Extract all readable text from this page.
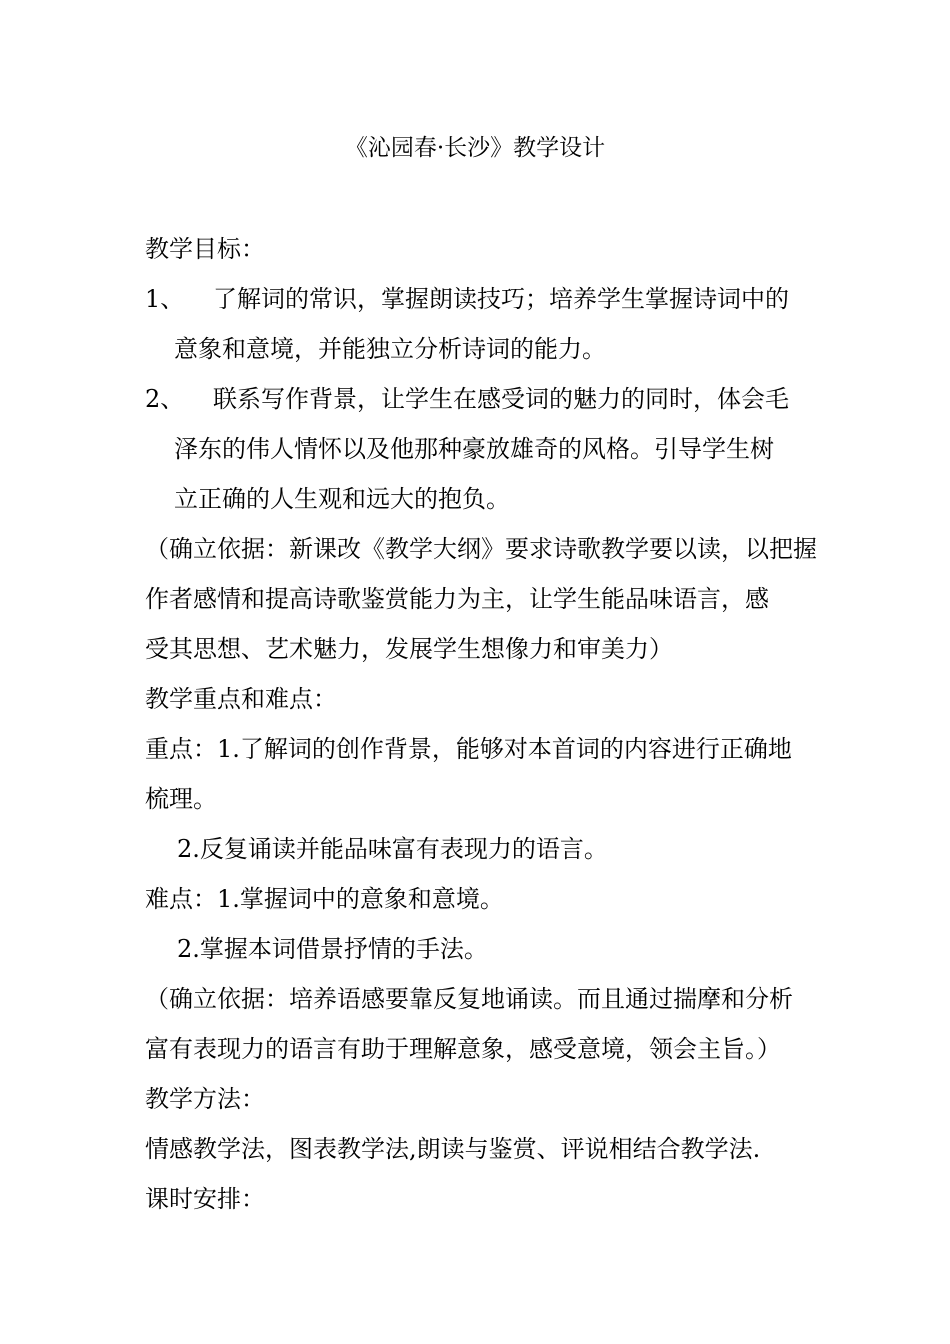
《沁园春·长沙》教学设计
教学目标：
1、 了解词的常识，掌握朗读技巧；培养学生掌握诗词中的
意象和意境，并能独立分析诗词的能力。
2、 联系写作背景，让学生在感受词的魅力的同时，体会毛
泽东的伟人情怀以及他那种豪放雄奇的风格。引导学生树
立正确的人生观和远大的抱负。
（确立依据：新课改《教学大纲》要求诗歌教学要以读，以把握
作者感情和提高诗歌鉴赏能力为主，让学生能品味语言，感
受其思想、艺术魅力，发展学生想像力和审美力）
教学重点和难点：
重点：1.了解词的创作背景，能够对本首词的内容进行正确地
梳理。
2.反复诵读并能品味富有表现力的语言。
难点：1.掌握词中的意象和意境。
2.掌握本词借景抒情的手法。
（确立依据：培养语感要靠反复地诵读。而且通过揣摩和分析
富有表现力的语言有助于理解意象，感受意境，领会主旨。）
教学方法：
情感教学法，图表教学法,朗读与鉴赏、评说相结合教学法.
课时安排：
